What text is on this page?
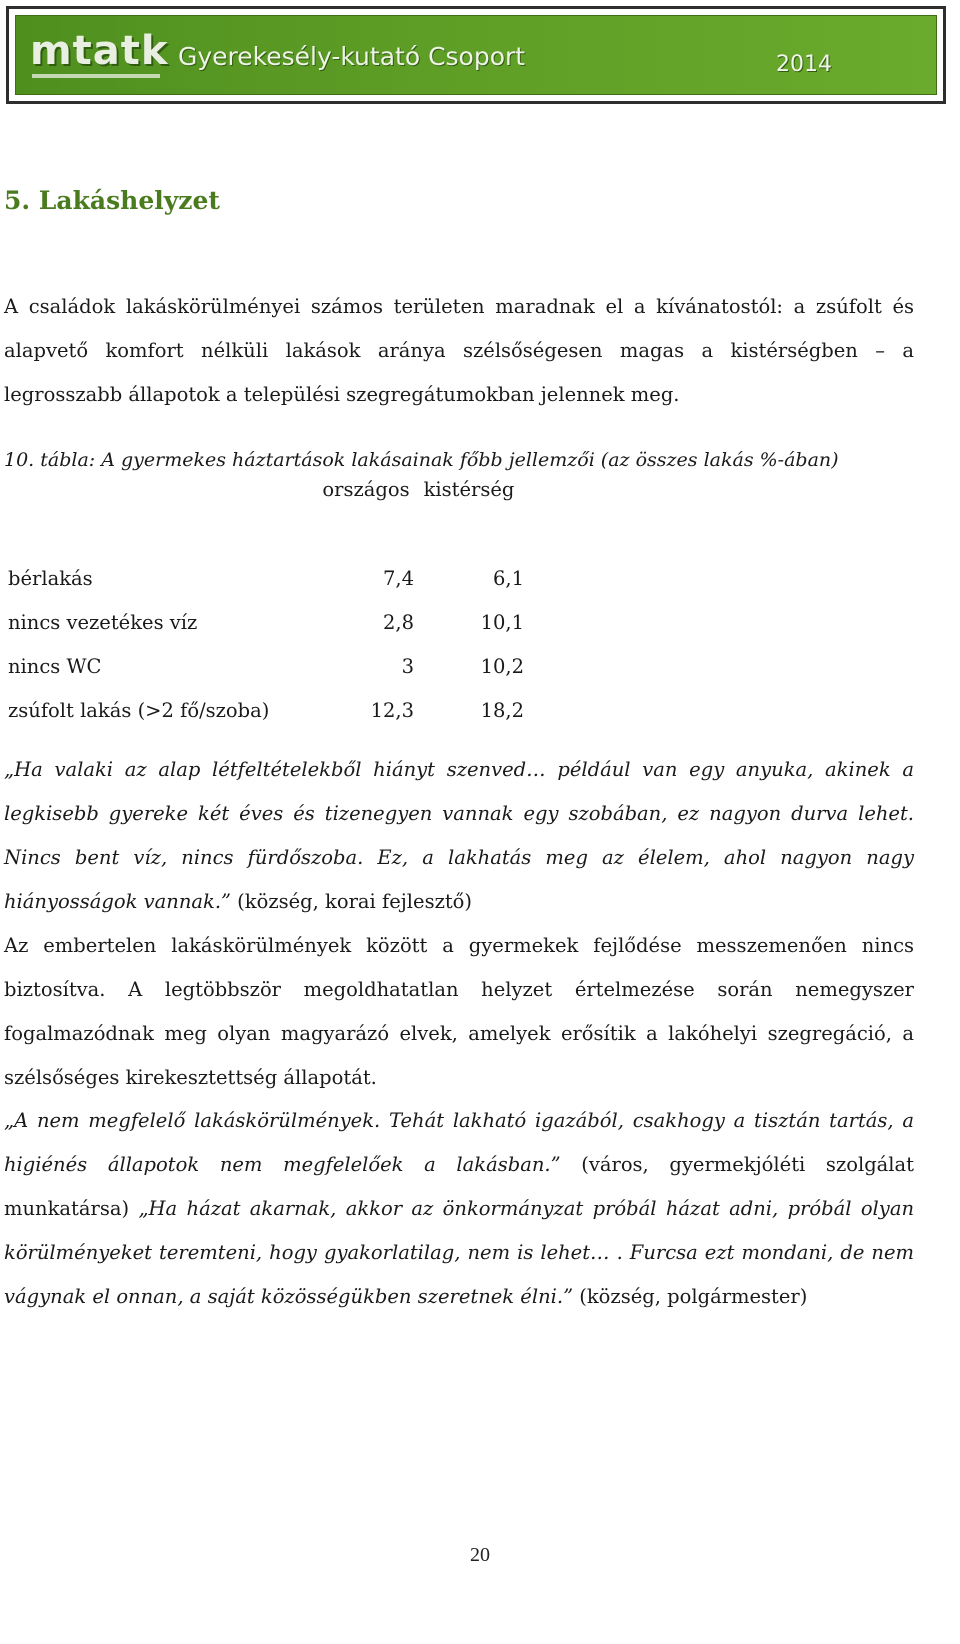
mtatk Gyerekesély-kutató Csoport	2014
5. Lakáshelyzet

A családok lakáskörülményei számos területen maradnak el a kívánatostól: a zsúfolt és alapvető komfort nélküli lakások aránya szélsőségesen magas a kistérségben – a legrosszabb állapotok a települési szegregátumokban jelennek meg.

10. tábla: A gyermekes háztartások lakásainak főbb jellemzői (az összes lakás %-ában)

	országos	kistérség

bérlakás	7,4	6,1
nincs vezetékes víz	2,8	10,1
nincs WC	3	10,2
zsúfolt lakás (>2 fő/szoba)	12,3	18,2

„Ha valaki az alap létfeltételekből hiányt szenved… például van egy anyuka, akinek a legkisebb gyereke két éves és tizenegyen vannak egy szobában, ez nagyon durva lehet. Nincs bent víz, nincs fürdőszoba. Ez, a lakhatás meg az élelem, ahol nagyon nagy hiányosságok vannak.” (község, korai fejlesztő)
Az embertelen lakáskörülmények között a gyermekek fejlődése messzemenően nincs biztosítva. A legtöbbször megoldhatatlan helyzet értelmezése során nemegyszer fogalmazódnak meg olyan magyarázó elvek, amelyek erősítik a lakóhelyi szegregáció, a szélsőséges kirekesztettség állapotát.

„A nem megfelelő lakáskörülmények. Tehát lakható igazából, csakhogy a tisztán tartás, a higiénés állapotok nem megfelelőek a lakásban.” (város, gyermekjóléti szolgálat munkatársa) „Ha házat akarnak, akkor az önkormányzat próbál házat adni, próbál olyan körülményeket teremteni, hogy gyakorlatilag, nem is lehet… . Furcsa ezt mondani, de nem vágynak el onnan, a saját közösségükben szeretnek élni.” (község, polgármester)

20
